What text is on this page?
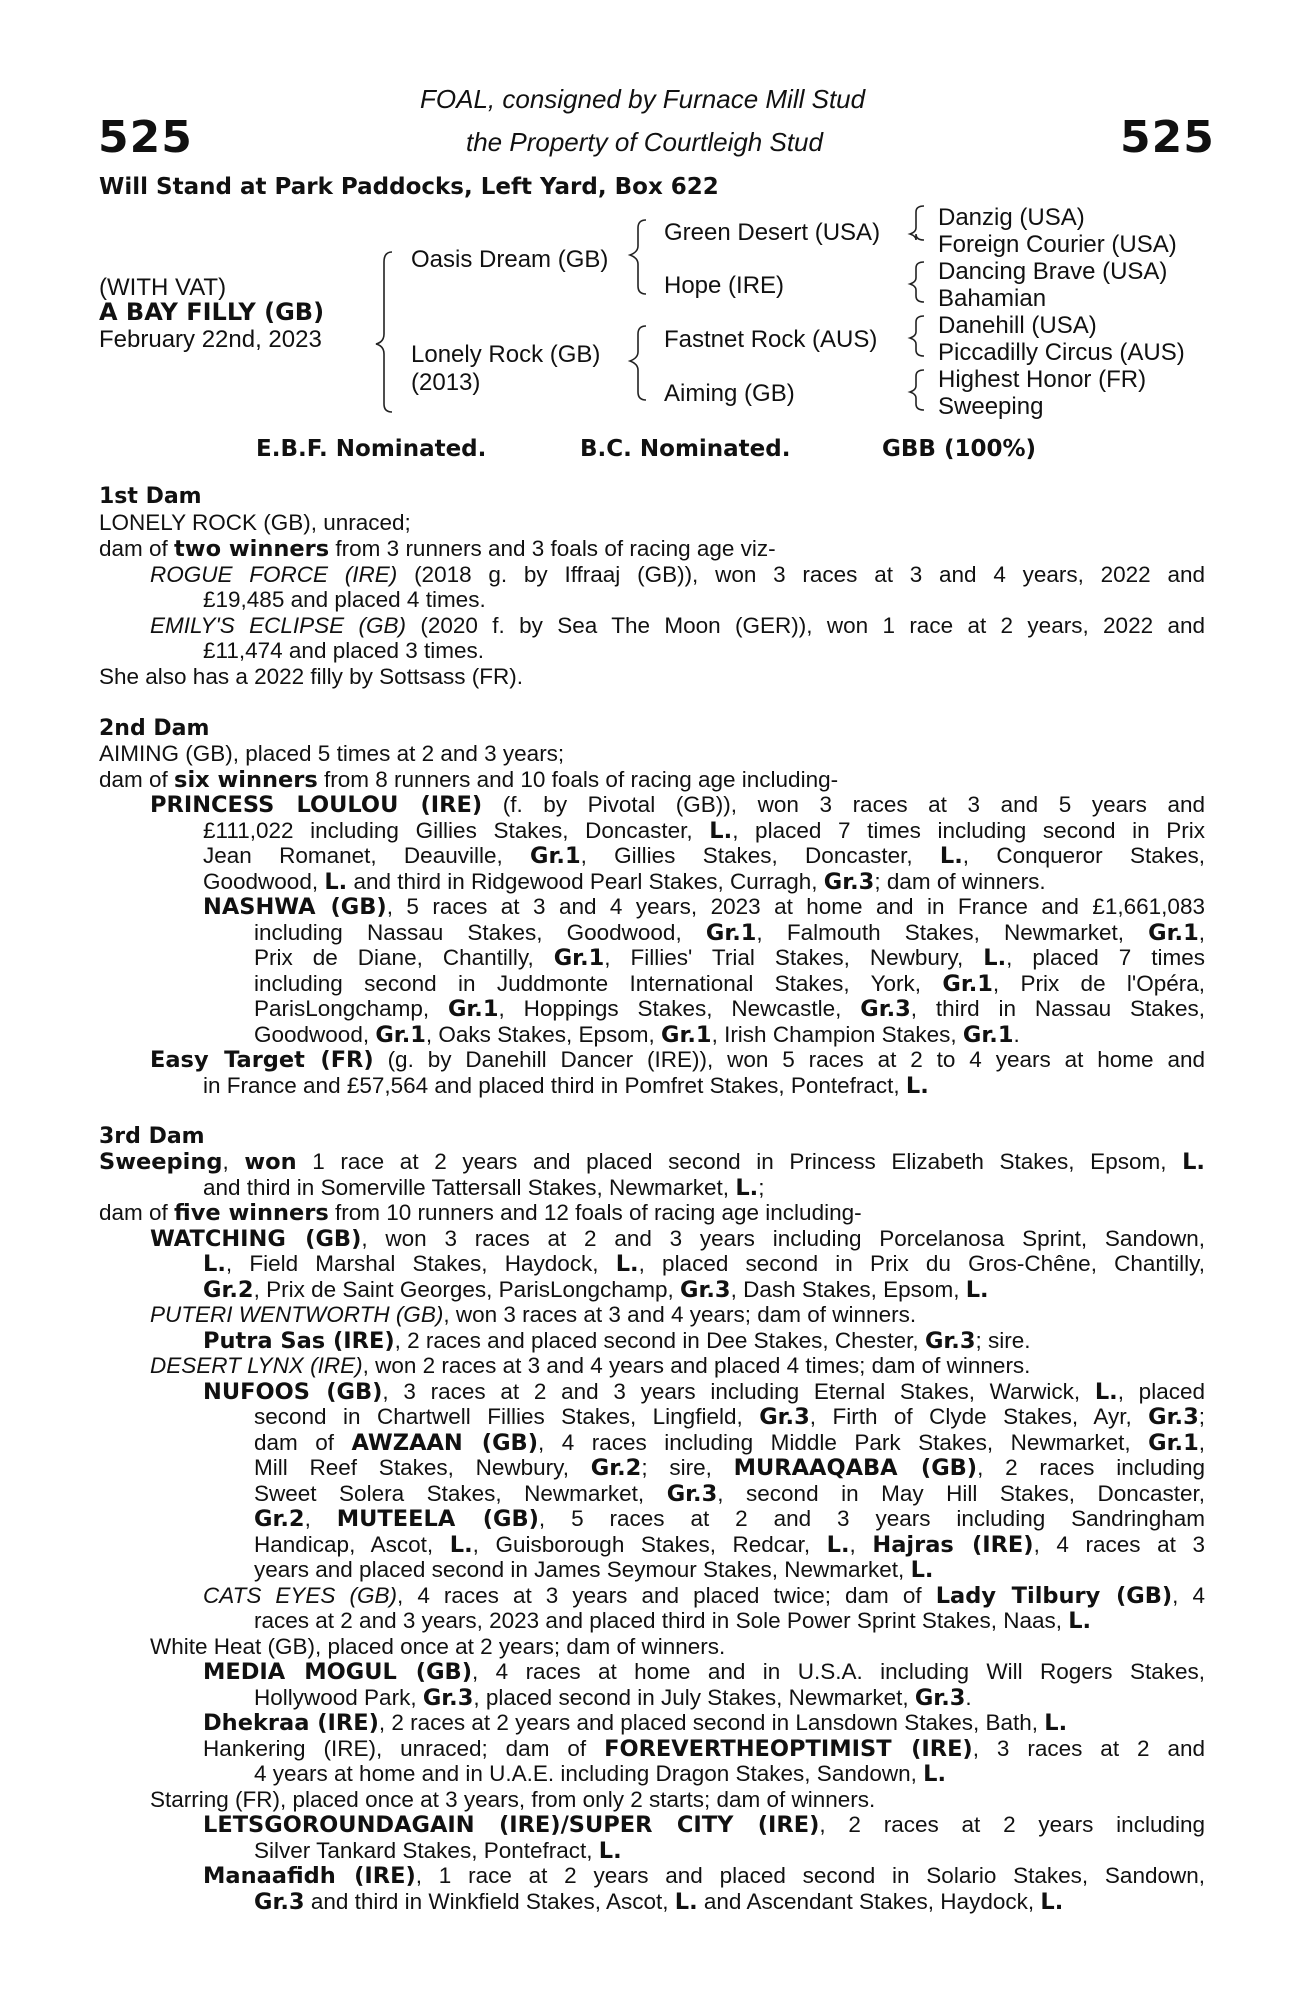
525	525
FOAL, consigned by Furnace Mill Stud
the Property of Courtleigh Stud
Will Stand at Park Paddocks, Left Yard, Box 622
(WITH VAT)
A BAY FILLY (GB)
February 22nd, 2023
Oasis Dream (GB)
Lonely Rock (GB)
(2013)
Green Desert (USA)
Hope (IRE)
Fastnet Rock (AUS)
Aiming (GB)
Danzig (USA)
Foreign Courier (USA)
Dancing Brave (USA)
Bahamian
Danehill (USA)
Piccadilly Circus (AUS)
Highest Honor (FR)
Sweeping
E.B.F. Nominated.	B.C. Nominated.	GBB (100%)
1st Dam
LONELY ROCK (GB), unraced;
dam of two winners from 3 runners and 3 foals of racing age viz-
ROGUE FORCE (IRE) (2018 g. by Iffraaj (GB)), won 3 races at 3 and 4 years, 2022 and
£19,485 and placed 4 times.
EMILY'S ECLIPSE (GB) (2020 f. by Sea The Moon (GER)), won 1 race at 2 years, 2022 and
£11,474 and placed 3 times.
She also has a 2022 filly by Sottsass (FR).
2nd Dam
AIMING (GB), placed 5 times at 2 and 3 years;
dam of six winners from 8 runners and 10 foals of racing age including-
PRINCESS LOULOU (IRE) (f. by Pivotal (GB)), won 3 races at 3 and 5 years and
£111,022 including Gillies Stakes, Doncaster, L., placed 7 times including second in Prix
Jean Romanet, Deauville, Gr.1, Gillies Stakes, Doncaster, L., Conqueror Stakes,
Goodwood, L. and third in Ridgewood Pearl Stakes, Curragh, Gr.3; dam of winners.
NASHWA (GB), 5 races at 3 and 4 years, 2023 at home and in France and £1,661,083
including Nassau Stakes, Goodwood, Gr.1, Falmouth Stakes, Newmarket, Gr.1,
Prix de Diane, Chantilly, Gr.1, Fillies' Trial Stakes, Newbury, L., placed 7 times
including second in Juddmonte International Stakes, York, Gr.1, Prix de l'Opéra,
ParisLongchamp, Gr.1, Hoppings Stakes, Newcastle, Gr.3, third in Nassau Stakes,
Goodwood, Gr.1, Oaks Stakes, Epsom, Gr.1, Irish Champion Stakes, Gr.1.
Easy Target (FR) (g. by Danehill Dancer (IRE)), won 5 races at 2 to 4 years at home and
in France and £57,564 and placed third in Pomfret Stakes, Pontefract, L.
3rd Dam
Sweeping, won 1 race at 2 years and placed second in Princess Elizabeth Stakes, Epsom, L.
and third in Somerville Tattersall Stakes, Newmarket, L.;
dam of five winners from 10 runners and 12 foals of racing age including-
WATCHING (GB), won 3 races at 2 and 3 years including Porcelanosa Sprint, Sandown,
L., Field Marshal Stakes, Haydock, L., placed second in Prix du Gros-Chêne, Chantilly,
Gr.2, Prix de Saint Georges, ParisLongchamp, Gr.3, Dash Stakes, Epsom, L.
PUTERI WENTWORTH (GB), won 3 races at 3 and 4 years; dam of winners.
Putra Sas (IRE), 2 races and placed second in Dee Stakes, Chester, Gr.3; sire.
DESERT LYNX (IRE), won 2 races at 3 and 4 years and placed 4 times; dam of winners.
NUFOOS (GB), 3 races at 2 and 3 years including Eternal Stakes, Warwick, L., placed
second in Chartwell Fillies Stakes, Lingfield, Gr.3, Firth of Clyde Stakes, Ayr, Gr.3;
dam of AWZAAN (GB), 4 races including Middle Park Stakes, Newmarket, Gr.1,
Mill Reef Stakes, Newbury, Gr.2; sire, MURAAQABA (GB), 2 races including
Sweet Solera Stakes, Newmarket, Gr.3, second in May Hill Stakes, Doncaster,
Gr.2, MUTEELA (GB), 5 races at 2 and 3 years including Sandringham
Handicap, Ascot, L., Guisborough Stakes, Redcar, L., Hajras (IRE), 4 races at 3
years and placed second in James Seymour Stakes, Newmarket, L.
CATS EYES (GB), 4 races at 3 years and placed twice; dam of Lady Tilbury (GB), 4
races at 2 and 3 years, 2023 and placed third in Sole Power Sprint Stakes, Naas, L.
White Heat (GB), placed once at 2 years; dam of winners.
MEDIA MOGUL (GB), 4 races at home and in U.S.A. including Will Rogers Stakes,
Hollywood Park, Gr.3, placed second in July Stakes, Newmarket, Gr.3.
Dhekraa (IRE), 2 races at 2 years and placed second in Lansdown Stakes, Bath, L.
Hankering (IRE), unraced; dam of FOREVERTHEOPTIMIST (IRE), 3 races at 2 and
4 years at home and in U.A.E. including Dragon Stakes, Sandown, L.
Starring (FR), placed once at 3 years, from only 2 starts; dam of winners.
LETSGOROUNDAGAIN (IRE)/SUPER CITY (IRE), 2 races at 2 years including
Silver Tankard Stakes, Pontefract, L.
Manaafidh (IRE), 1 race at 2 years and placed second in Solario Stakes, Sandown,
Gr.3 and third in Winkfield Stakes, Ascot, L. and Ascendant Stakes, Haydock, L.
